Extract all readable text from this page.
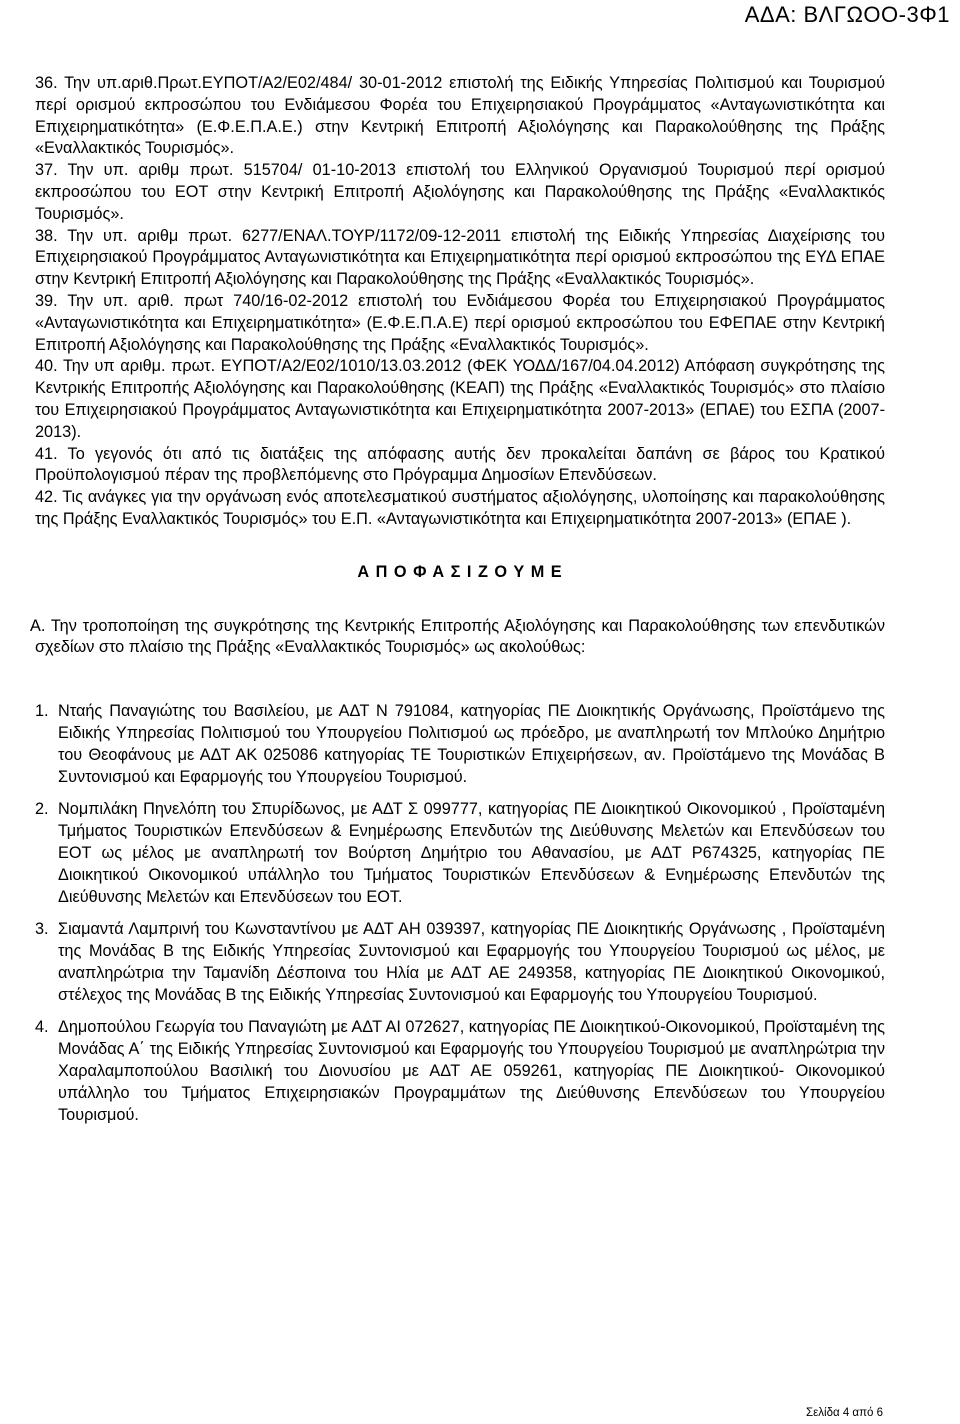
ΑΔΑ: ΒΛΓΩΟΟ-3Φ1

36. Την υπ.αριθ.Πρωτ.ΕΥΠΟΤ/Α2/Ε02/484/ 30-01-2012 επιστολή της Ειδικής Υπηρεσίας Πολιτισμού και Τουρισμού περί ορισμού εκπροσώπου του Ενδιάμεσου Φορέα του Επιχειρησιακού Προγράμματος «Ανταγωνιστικότητα και Επιχειρηματικότητα» (Ε.Φ.Ε.Π.Α.Ε.) στην Κεντρική Επιτροπή Αξιολόγησης και Παρακολούθησης της Πράξης «Εναλλακτικός Τουρισμός».

37. Την υπ. αριθμ πρωτ. 515704/ 01-10-2013 επιστολή του Ελληνικού Οργανισμού Τουρισμού περί ορισμού εκπροσώπου του ΕΟΤ στην Κεντρική Επιτροπή Αξιολόγησης και Παρακολούθησης της Πράξης «Εναλλακτικός Τουρισμός».

38. Την υπ. αριθμ πρωτ. 6277/ΕΝΑΛ.ΤΟΥΡ/1172/09-12-2011 επιστολή της Ειδικής Υπηρεσίας Διαχείρισης του Επιχειρησιακού Προγράμματος Ανταγωνιστικότητα και Επιχειρηματικότητα περί ορισμού εκπροσώπου της ΕΥΔ ΕΠΑΕ στην Κεντρική Επιτροπή Αξιολόγησης και Παρακολούθησης της Πράξης «Εναλλακτικός Τουρισμός».

39. Την υπ. αριθ. πρωτ 740/16-02-2012 επιστολή του Ενδιάμεσου Φορέα του Επιχειρησιακού Προγράμματος «Ανταγωνιστικότητα και Επιχειρηματικότητα» (Ε.Φ.Ε.Π.Α.Ε) περί ορισμού εκπροσώπου του ΕΦΕΠΑΕ στην Κεντρική Επιτροπή Αξιολόγησης και Παρακολούθησης της Πράξης «Εναλλακτικός Τουρισμός».

40. Την υπ αριθμ. πρωτ. ΕΥΠΟΤ/Α2/Ε02/1010/13.03.2012 (ΦΕΚ ΥΟΔΔ/167/04.04.2012) Απόφαση συγκρότησης της Κεντρικής Επιτροπής Αξιολόγησης και Παρακολούθησης (ΚΕΑΠ) της Πράξης «Εναλλακτικός Τουρισμός» στο πλαίσιο του Επιχειρησιακού Προγράμματος Ανταγωνιστικότητα και Επιχειρηματικότητα 2007-2013» (ΕΠΑΕ) του ΕΣΠΑ (2007-2013).

41. Το γεγονός ότι από τις διατάξεις της απόφασης αυτής δεν προκαλείται δαπάνη σε βάρος του Κρατικού Προϋπολογισμού πέραν της προβλεπόμενης στο Πρόγραμμα Δημοσίων Επενδύσεων.

42. Τις ανάγκες για την οργάνωση ενός αποτελεσματικού συστήματος αξιολόγησης, υλοποίησης και παρακολούθησης της Πράξης Εναλλακτικός Τουρισμός» του Ε.Π. «Ανταγωνιστικότητα και Επιχειρηματικότητα 2007-2013» (ΕΠΑΕ ).

Α Π Ο Φ Α Σ Ι Ζ Ο Υ Μ Ε

Α. Την τροποποίηση της συγκρότησης της Κεντρικής Επιτροπής Αξιολόγησης και Παρακολούθησης των επενδυτικών σχεδίων στο πλαίσιο της Πράξης «Εναλλακτικός Τουρισμός» ως ακολούθως:

1. Νταής Παναγιώτης του Βασιλείου, με ΑΔΤ Ν 791084, κατηγορίας ΠΕ Διοικητικής Οργάνωσης, Προϊστάμενο της Ειδικής Υπηρεσίας Πολιτισμού του Υπουργείου Πολιτισμού ως πρόεδρο, με αναπληρωτή τον Μπλούκο Δημήτριο του Θεοφάνους με ΑΔΤ ΑΚ 025086 κατηγορίας ΤΕ Τουριστικών Επιχειρήσεων, αν. Προϊστάμενο της Μονάδας Β Συντονισμού και Εφαρμογής του Υπουργείου Τουρισμού.
2. Νομπιλάκη Πηνελόπη του Σπυρίδωνος, με ΑΔΤ Σ 099777, κατηγορίας ΠΕ Διοικητικού Οικονομικού , Προϊσταμένη Τμήματος Τουριστικών Επενδύσεων & Ενημέρωσης Επενδυτών της Διεύθυνσης Μελετών και Επενδύσεων του ΕΟΤ ως μέλος με αναπληρωτή τον Βούρτση Δημήτριο του Αθανασίου, με ΑΔΤ Ρ674325, κατηγορίας ΠΕ Διοικητικού Οικονομικού υπάλληλο του Τμήματος Τουριστικών Επενδύσεων & Ενημέρωσης Επενδυτών της Διεύθυνσης Μελετών και Επενδύσεων του ΕΟΤ.
3. Σιαμαντά Λαμπρινή του Κωνσταντίνου με ΑΔΤ ΑΗ 039397, κατηγορίας ΠΕ Διοικητικής Οργάνωσης , Προϊσταμένη της Μονάδας Β της Ειδικής Υπηρεσίας Συντονισμού και Εφαρμογής του Υπουργείου Τουρισμού ως μέλος, με αναπληρώτρια την Ταμανίδη Δέσποινα του Ηλία με ΑΔΤ ΑΕ 249358, κατηγορίας ΠΕ Διοικητικού Οικονομικού, στέλεχος της Μονάδας Β της Ειδικής Υπηρεσίας Συντονισμού και Εφαρμογής του Υπουργείου Τουρισμού.
4. Δημοπούλου Γεωργία του Παναγιώτη με ΑΔΤ ΑΙ 072627, κατηγορίας ΠΕ Διοικητικού-Οικονομικού, Προϊσταμένη της Μονάδας Α΄ της Ειδικής Υπηρεσίας Συντονισμού και Εφαρμογής του Υπουργείου Τουρισμού με αναπληρώτρια την Χαραλαμποπούλου Βασιλική του Διονυσίου με ΑΔΤ ΑΕ 059261, κατηγορίας ΠΕ Διοικητικού- Οικονομικού υπάλληλο του Τμήματος Επιχειρησιακών Προγραμμάτων της Διεύθυνσης Επενδύσεων του Υπουργείου Τουρισμού.
Σελίδα 4 από 6
